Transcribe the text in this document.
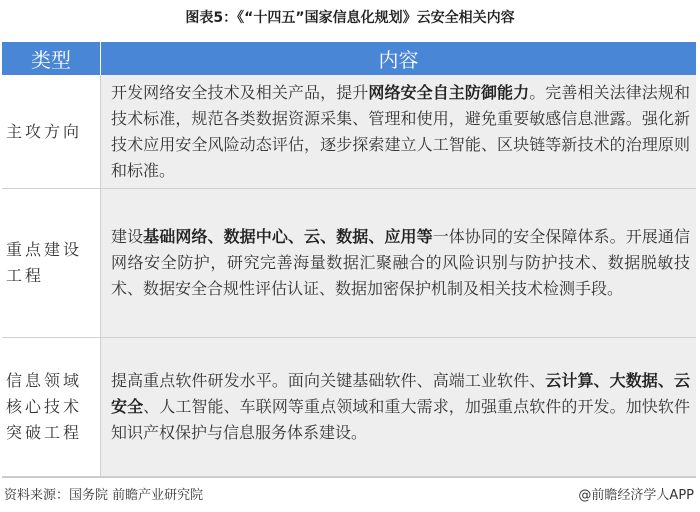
图表5：《“十四五”国家信息化规划》云安全相关内容
类型	内容
主攻方向	开发网络安全技术及相关产品，提升网络安全自主防御能力。完善相关法律法规和技术标准，规范各类数据资源采集、管理和使用，避免重要敏感信息泄露。强化新技术应用安全风险动态评估，逐步探索建立人工智能、区块链等新技术的治理原则和标准。
重点建设工程	建设基础网络、数据中心、云、数据、应用等一体协同的安全保障体系。开展通信网络安全防护，研究完善海量数据汇聚融合的风险识别与防护技术、数据脱敏技术、数据安全合规性评估认证、数据加密保护机制及相关技术检测手段。
信息领域核心技术突破工程	提高重点软件研发水平。面向关键基础软件、高端工业软件、云计算、大数据、云安全、人工智能、车联网等重点领域和重大需求，加强重点软件的开发。加快软件知识产权保护与信息服务体系建设。
资料来源：国务院 前瞻产业研究院	@前瞻经济学人APP
